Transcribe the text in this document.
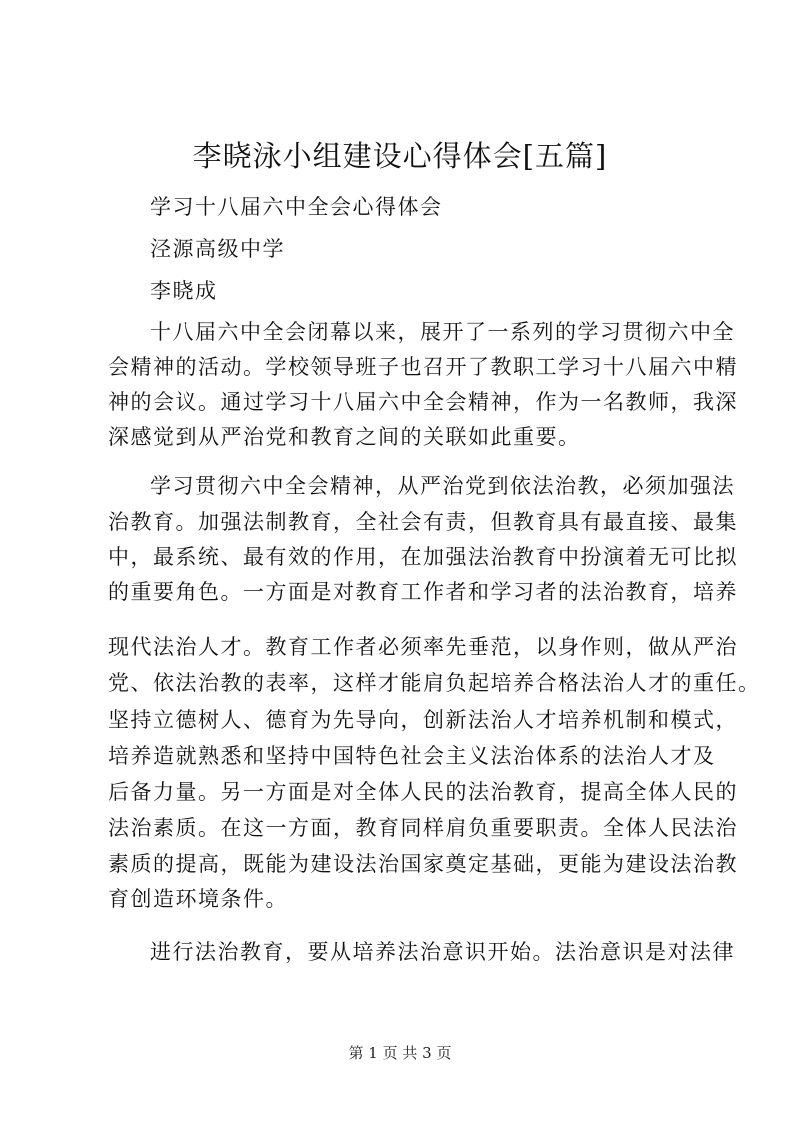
李晓泳小组建设心得体会[五篇]
学习十八届六中全会心得体会
泾源高级中学
李晓成
十八届六中全会闭幕以来，展开了一系列的学习贯彻六中全
会精神的活动。学校领导班子也召开了教职工学习十八届六中精
神的会议。通过学习十八届六中全会精神，作为一名教师，我深
深感觉到从严治党和教育之间的关联如此重要。
学习贯彻六中全会精神，从严治党到依法治教，必须加强法
治教育。加强法制教育，全社会有责，但教育具有最直接、最集
中，最系统、最有效的作用，在加强法治教育中扮演着无可比拟
的重要角色。一方面是对教育工作者和学习者的法治教育，培养
现代法治人才。教育工作者必须率先垂范，以身作则，做从严治
党、依法治教的表率，这样才能肩负起培养合格法治人才的重任。
坚持立德树人、德育为先导向，创新法治人才培养机制和模式，
培养造就熟悉和坚持中国特色社会主义法治体系的法治人才及
后备力量。另一方面是对全体人民的法治教育，提高全体人民的
法治素质。在这一方面，教育同样肩负重要职责。全体人民法治
素质的提高，既能为建设法治国家奠定基础，更能为建设法治教
育创造环境条件。
进行法治教育，要从培养法治意识开始。法治意识是对法律
第 1 页 共 3 页
